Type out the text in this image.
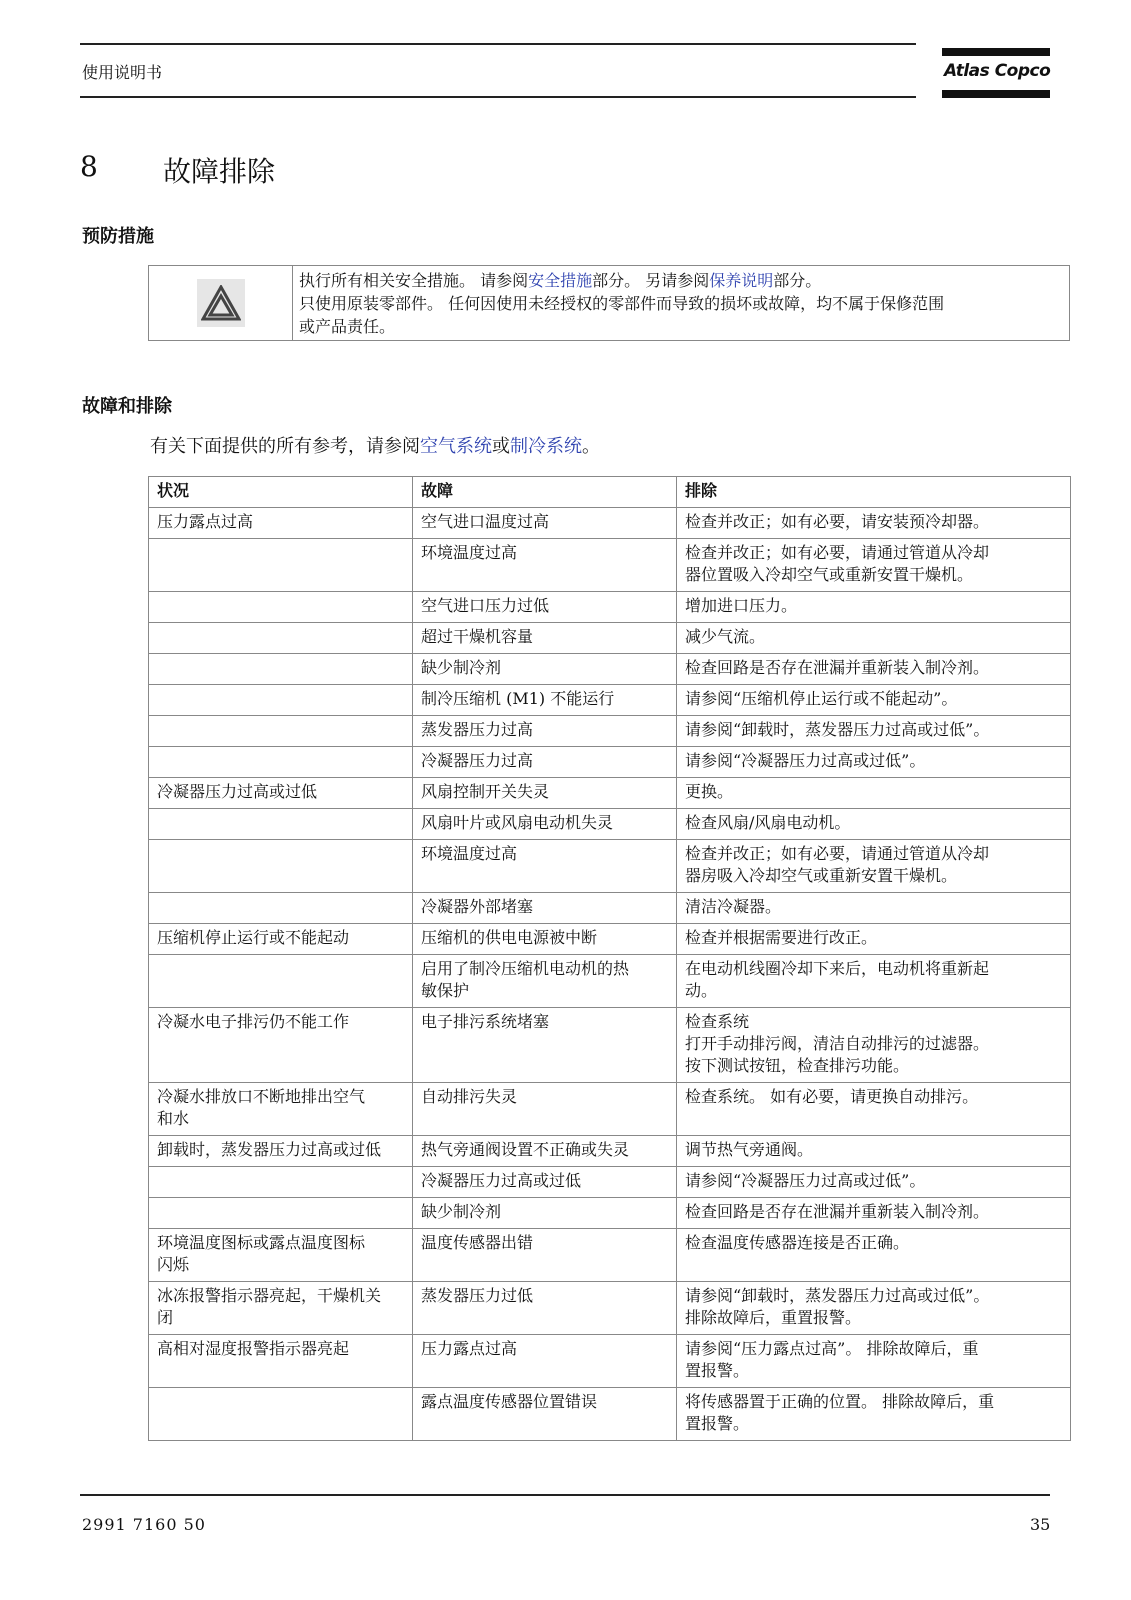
使用说明书	Atlas Copco
8 故障排除
预防措施
执行所有相关安全措施。 请参阅安全措施部分。 另请参阅保养说明部分。
只使用原装零部件。 任何因使用未经授权的零部件而导致的损坏或故障，均不属于保修范围
或产品责任。
故障和排除
有关下面提供的所有参考，请参阅空气系统或制冷系统。
状况	故障	排除
压力露点过高	空气进口温度过高	检查并改正；如有必要，请安装预冷却器。
	环境温度过高	检查并改正；如有必要，请通过管道从冷却
器位置吸入冷却空气或重新安置干燥机。

	空气进口压力过低	增加进口压力。
	超过干燥机容量	减少气流。
	缺少制冷剂	检查回路是否存在泄漏并重新装入制冷剂。
	制冷压缩机 (M1) 不能运行	请参阅“压缩机停止运行或不能起动”。
	蒸发器压力过高	请参阅“卸载时，蒸发器压力过高或过低”。
	冷凝器压力过高	请参阅“冷凝器压力过高或过低”。
冷凝器压力过高或过低	风扇控制开关失灵	更换。
	风扇叶片或风扇电动机失灵	检查风扇/风扇电动机。
	环境温度过高	检查并改正；如有必要，请通过管道从冷却
器房吸入冷却空气或重新安置干燥机。

	冷凝器外部堵塞	清洁冷凝器。
压缩机停止运行或不能起动	压缩机的供电电源被中断	检查并根据需要进行改正。

	启用了制冷压缩机电动机的热
敏保护	在电动机线圈冷却下来后，电动机将重新起
动。

冷凝水电子排污仍不能工作	电子排污系统堵塞	检查系统
打开手动排污阀，清洁自动排污的过滤器。
按下测试按钮，检查排污功能。

冷凝水排放口不断地排出空气
和水	自动排污失灵	检查系统。 如有必要，请更换自动排污。
卸载时，蒸发器压力过高或过低	热气旁通阀设置不正确或失灵	调节热气旁通阀。
	冷凝器压力过高或过低	请参阅“冷凝器压力过高或过低”。
	缺少制冷剂	检查回路是否存在泄漏并重新装入制冷剂。

环境温度图标或露点温度图标
闪烁	温度传感器出错	检查温度传感器连接是否正确。

冰冻报警指示器亮起，干燥机关
闭	蒸发器压力过低	请参阅“卸载时，蒸发器压力过高或过低”。
排除故障后，重置报警。

高相对湿度报警指示器亮起	压力露点过高	请参阅“压力露点过高”。 排除故障后，重
置报警。

	露点温度传感器位置错误	将传感器置于正确的位置。 排除故障后，重
置报警。
2991 7160 50	35
